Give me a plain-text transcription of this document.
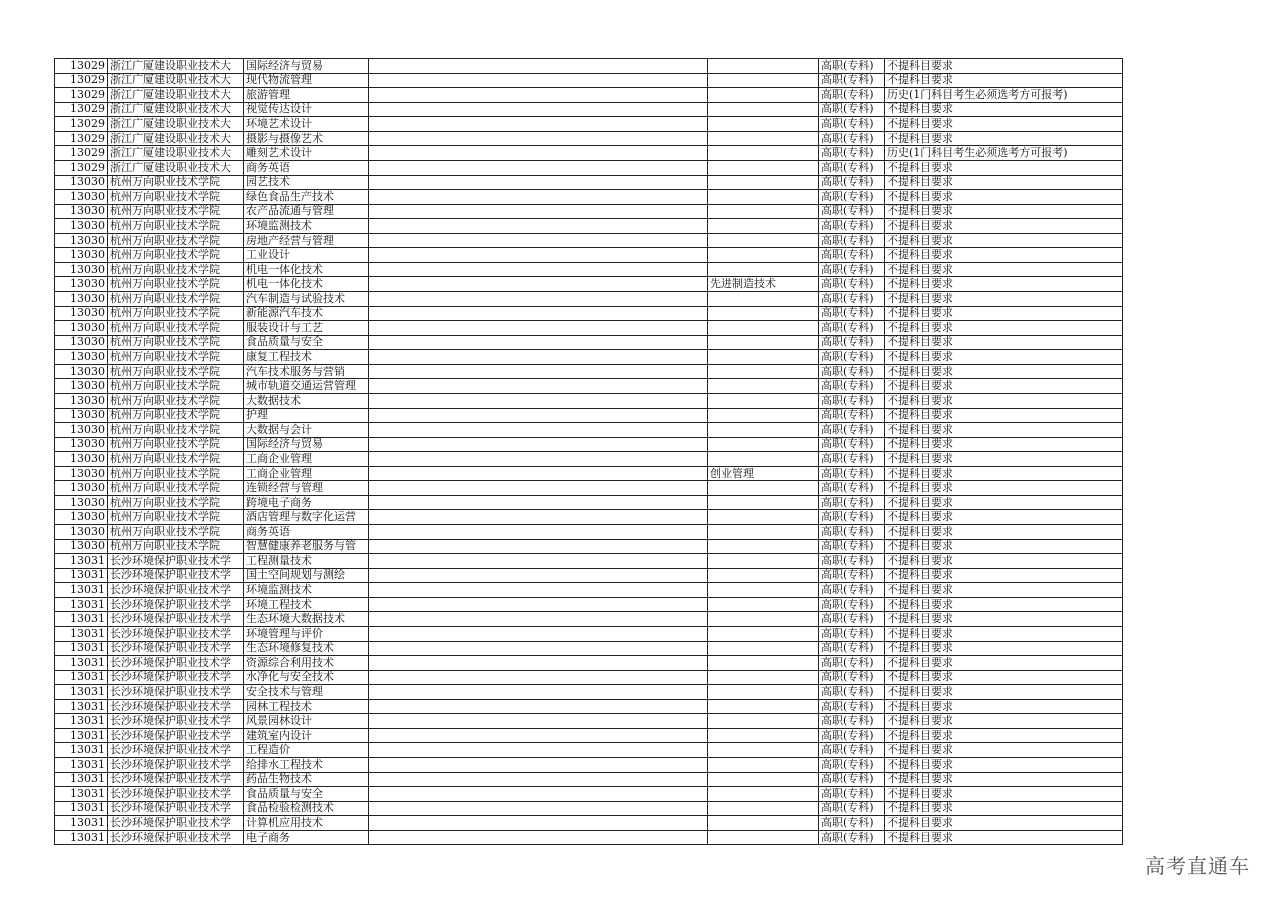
13029	浙江广厦建设职业技术大	国际经济与贸易			高职(专科)	不提科目要求
13029	浙江广厦建设职业技术大	现代物流管理			高职(专科)	不提科目要求
13029	浙江广厦建设职业技术大	旅游管理			高职(专科)	历史(1门科目考生必须选考方可报考)
13029	浙江广厦建设职业技术大	视觉传达设计			高职(专科)	不提科目要求
13029	浙江广厦建设职业技术大	环境艺术设计			高职(专科)	不提科目要求
13029	浙江广厦建设职业技术大	摄影与摄像艺术			高职(专科)	不提科目要求
13029	浙江广厦建设职业技术大	雕刻艺术设计			高职(专科)	历史(1门科目考生必须选考方可报考)
13029	浙江广厦建设职业技术大	商务英语			高职(专科)	不提科目要求
13030	杭州万向职业技术学院	园艺技术			高职(专科)	不提科目要求
13030	杭州万向职业技术学院	绿色食品生产技术			高职(专科)	不提科目要求
13030	杭州万向职业技术学院	农产品流通与管理			高职(专科)	不提科目要求
13030	杭州万向职业技术学院	环境监测技术			高职(专科)	不提科目要求
13030	杭州万向职业技术学院	房地产经营与管理			高职(专科)	不提科目要求
13030	杭州万向职业技术学院	工业设计			高职(专科)	不提科目要求
13030	杭州万向职业技术学院	机电一体化技术			高职(专科)	不提科目要求
13030	杭州万向职业技术学院	机电一体化技术		先进制造技术	高职(专科)	不提科目要求
13030	杭州万向职业技术学院	汽车制造与试验技术			高职(专科)	不提科目要求
13030	杭州万向职业技术学院	新能源汽车技术			高职(专科)	不提科目要求
13030	杭州万向职业技术学院	服装设计与工艺			高职(专科)	不提科目要求
13030	杭州万向职业技术学院	食品质量与安全			高职(专科)	不提科目要求
13030	杭州万向职业技术学院	康复工程技术			高职(专科)	不提科目要求
13030	杭州万向职业技术学院	汽车技术服务与营销			高职(专科)	不提科目要求
13030	杭州万向职业技术学院	城市轨道交通运营管理			高职(专科)	不提科目要求
13030	杭州万向职业技术学院	大数据技术			高职(专科)	不提科目要求
13030	杭州万向职业技术学院	护理			高职(专科)	不提科目要求
13030	杭州万向职业技术学院	大数据与会计			高职(专科)	不提科目要求
13030	杭州万向职业技术学院	国际经济与贸易			高职(专科)	不提科目要求
13030	杭州万向职业技术学院	工商企业管理			高职(专科)	不提科目要求
13030	杭州万向职业技术学院	工商企业管理		创业管理	高职(专科)	不提科目要求
13030	杭州万向职业技术学院	连锁经营与管理			高职(专科)	不提科目要求
13030	杭州万向职业技术学院	跨境电子商务			高职(专科)	不提科目要求
13030	杭州万向职业技术学院	酒店管理与数字化运营			高职(专科)	不提科目要求
13030	杭州万向职业技术学院	商务英语			高职(专科)	不提科目要求
13030	杭州万向职业技术学院	智慧健康养老服务与管			高职(专科)	不提科目要求
13031	长沙环境保护职业技术学	工程测量技术			高职(专科)	不提科目要求
13031	长沙环境保护职业技术学	国土空间规划与测绘			高职(专科)	不提科目要求
13031	长沙环境保护职业技术学	环境监测技术			高职(专科)	不提科目要求
13031	长沙环境保护职业技术学	环境工程技术			高职(专科)	不提科目要求
13031	长沙环境保护职业技术学	生态环境大数据技术			高职(专科)	不提科目要求
13031	长沙环境保护职业技术学	环境管理与评价			高职(专科)	不提科目要求
13031	长沙环境保护职业技术学	生态环境修复技术			高职(专科)	不提科目要求
13031	长沙环境保护职业技术学	资源综合利用技术			高职(专科)	不提科目要求
13031	长沙环境保护职业技术学	水净化与安全技术			高职(专科)	不提科目要求
13031	长沙环境保护职业技术学	安全技术与管理			高职(专科)	不提科目要求
13031	长沙环境保护职业技术学	园林工程技术			高职(专科)	不提科目要求
13031	长沙环境保护职业技术学	风景园林设计			高职(专科)	不提科目要求
13031	长沙环境保护职业技术学	建筑室内设计			高职(专科)	不提科目要求
13031	长沙环境保护职业技术学	工程造价			高职(专科)	不提科目要求
13031	长沙环境保护职业技术学	给排水工程技术			高职(专科)	不提科目要求
13031	长沙环境保护职业技术学	药品生物技术			高职(专科)	不提科目要求
13031	长沙环境保护职业技术学	食品质量与安全			高职(专科)	不提科目要求
13031	长沙环境保护职业技术学	食品检验检测技术			高职(专科)	不提科目要求
13031	长沙环境保护职业技术学	计算机应用技术			高职(专科)	不提科目要求
13031	长沙环境保护职业技术学	电子商务			高职(专科)	不提科目要求
高考直通车
